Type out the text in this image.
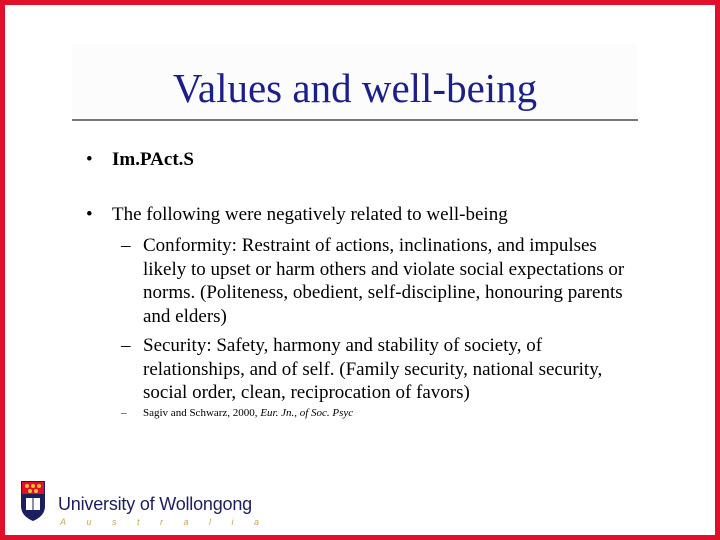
Values and well-being
• Im.PAct.S
• The following were negatively related to well-being
– Conformity: Restraint of actions, inclinations, and impulses likely to upset or harm others and violate social expectations or norms. (Politeness, obedient, self-discipline, honouring parents and elders)
– Security: Safety, harmony and stability of society, of relationships, and of self. (Family security, national security, social order, clean, reciprocation of favors)
– Sagiv and Schwarz, 2000, Eur. Jn., of Soc. Psyc
University of Wollongong
Australia
